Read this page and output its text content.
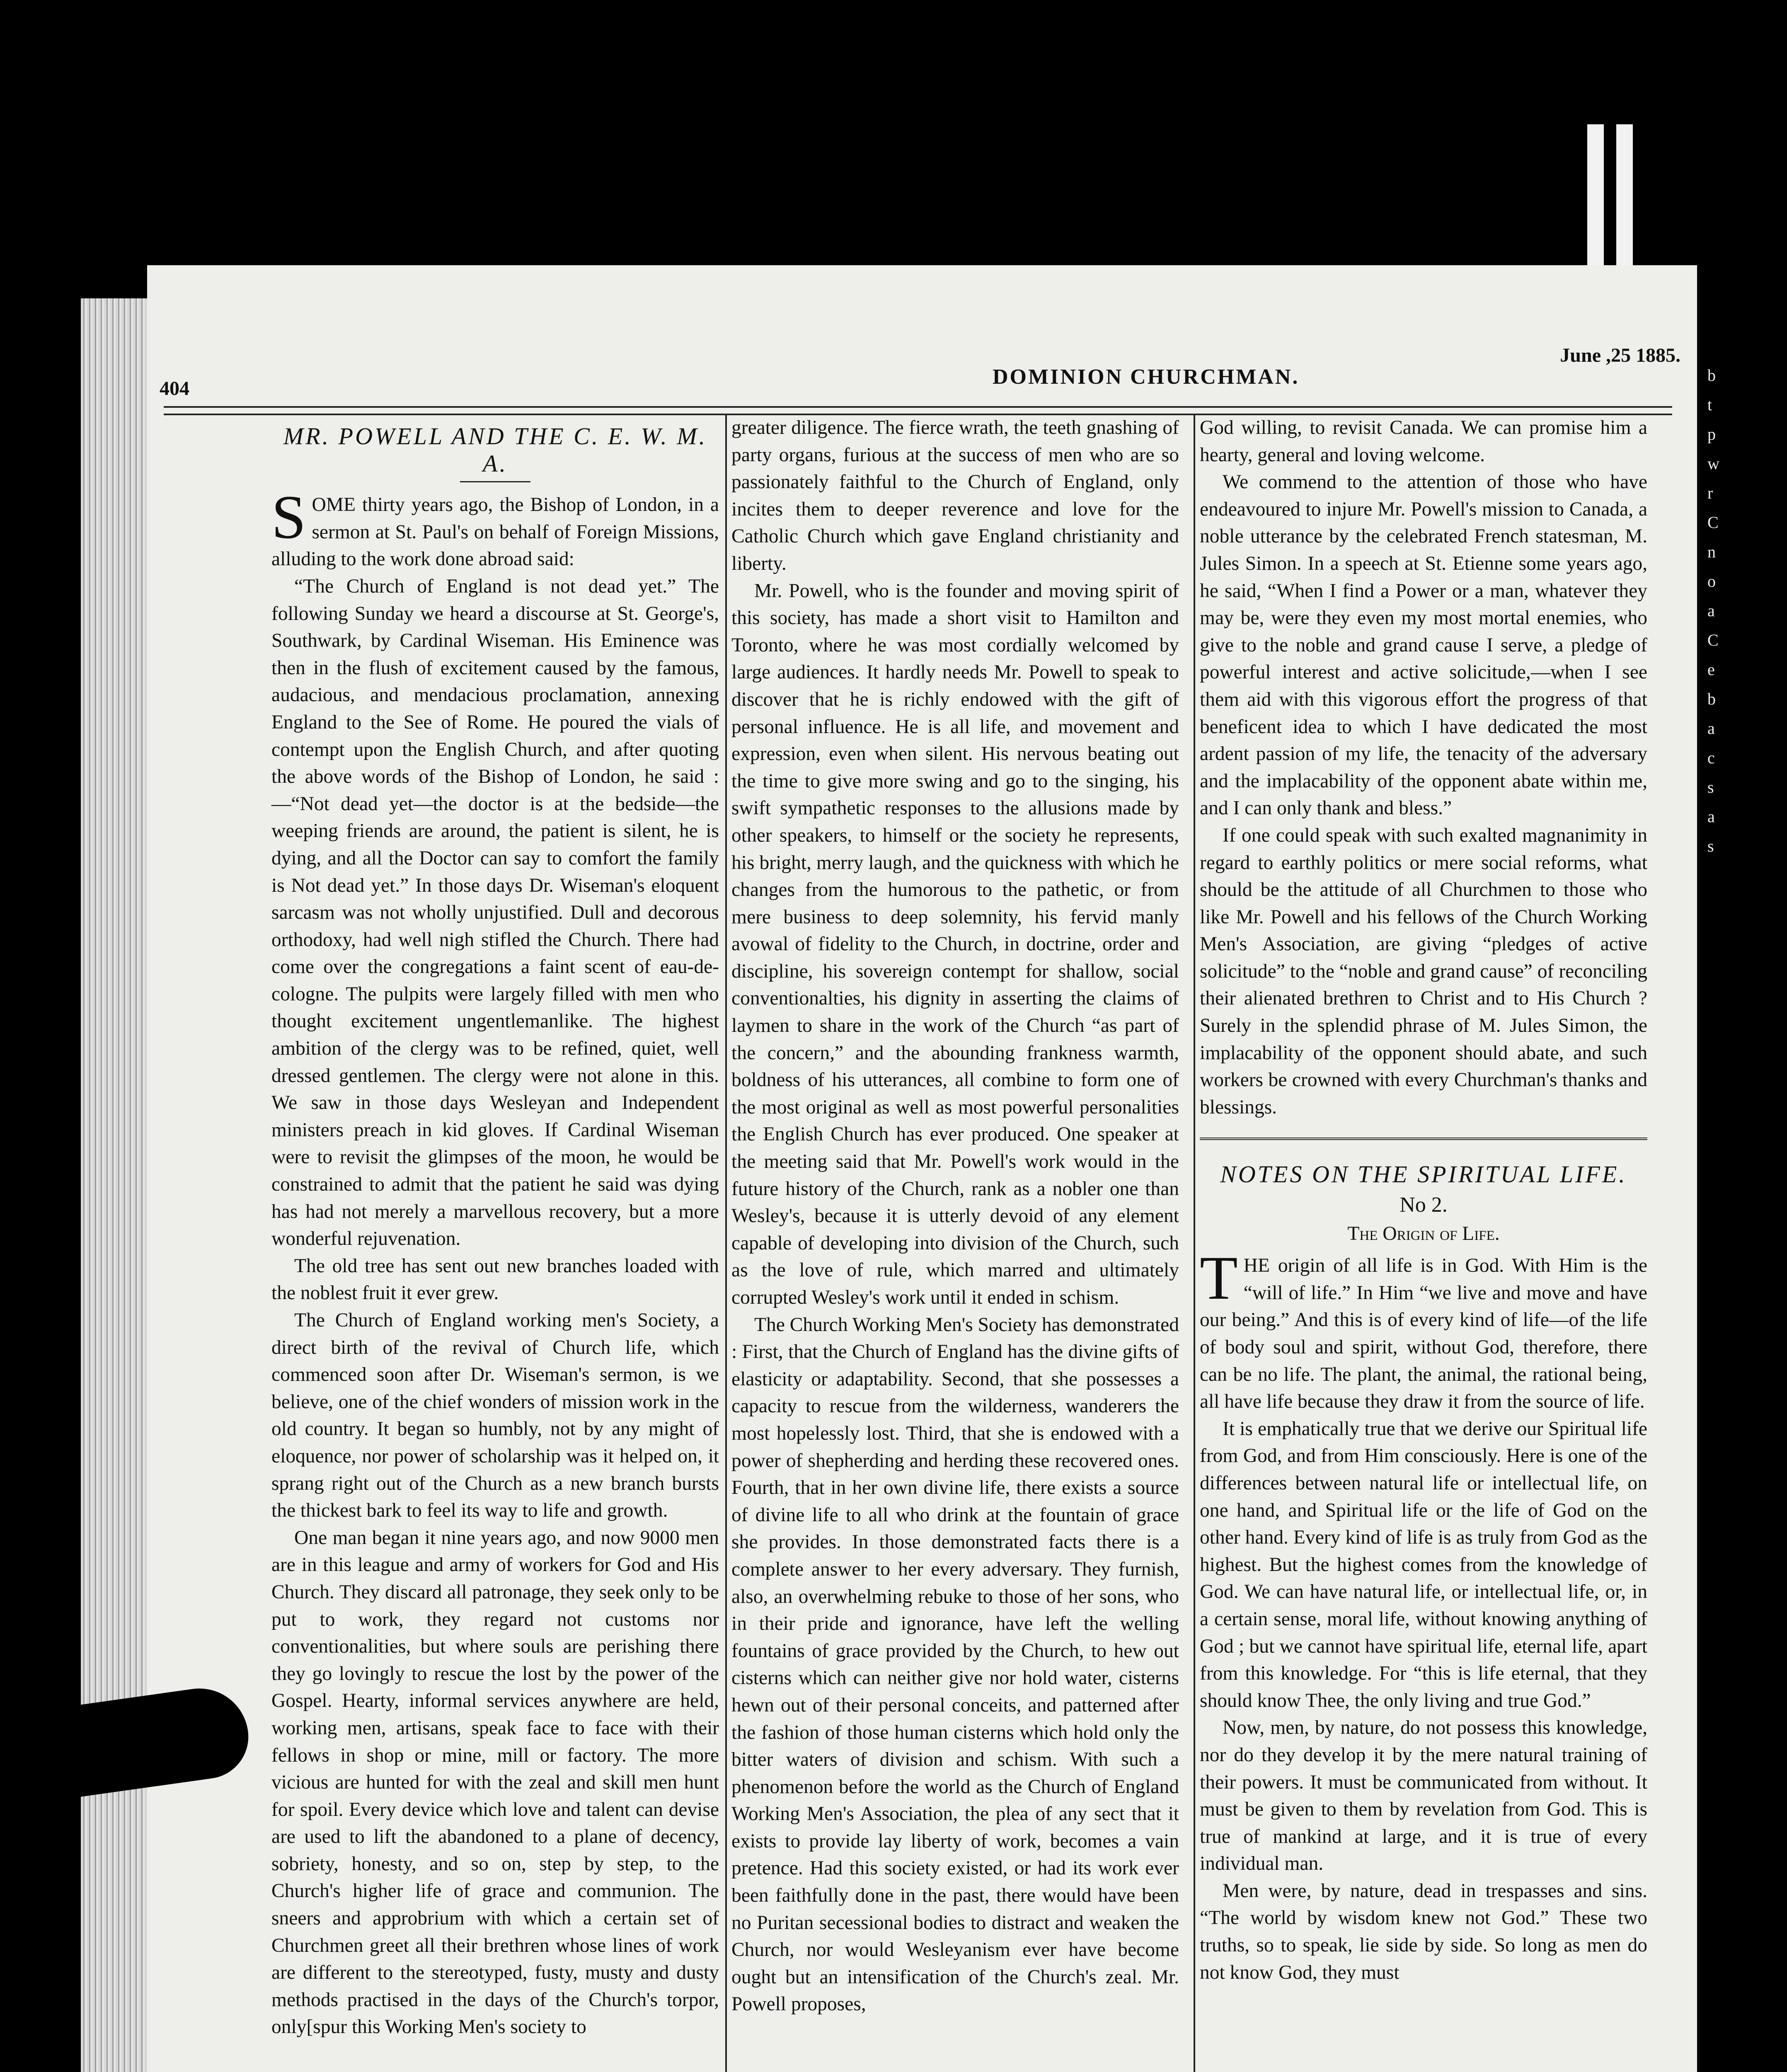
404	DOMINION CHURCHMAN.
June ,25 1885.
MR. POWELL AND THE C. E. W. M. A.

SOME thirty years ago, the Bishop of London, in a sermon at St. Paul's on behalf of Foreign Missions, alluding to the work done abroad said:

“The Church of England is not dead yet.” The following Sunday we heard a discourse at St. George's, Southwark, by Cardinal Wiseman. His Eminence was then in the flush of excitement caused by the famous, audacious, and mendacious proclamation, annexing England to the See of Rome. He poured the vials of contempt upon the English Church, and after quoting the above words of the Bishop of London, he said :—“Not dead yet—the doctor is at the bedside—the weeping friends are around, the patient is silent, he is dying, and all the Doctor can say to comfort the family is Not dead yet.” In those days Dr. Wiseman's eloquent sarcasm was not wholly unjustified. Dull and decorous orthodoxy, had well nigh stifled the Church. There had come over the congregations a faint scent of eau-de-cologne. The pulpits were largely filled with men who thought excitement ungentlemanlike. The highest ambition of the clergy was to be refined, quiet, well dressed gentlemen. The clergy were not alone in this. We saw in those days Wesleyan and Independent ministers preach in kid gloves. If Cardinal Wiseman were to revisit the glimpses of the moon, he would be constrained to admit that the patient he said was dying has had not merely a marvellous recovery, but a more wonderful rejuvenation.

The old tree has sent out new branches loaded with the noblest fruit it ever grew.

The Church of England working men's Society, a direct birth of the revival of Church life, which commenced soon after Dr. Wiseman's sermon, is we believe, one of the chief wonders of mission work in the old country. It began so humbly, not by any might of eloquence, nor power of scholarship was it helped on, it sprang right out of the Church as a new branch bursts the thickest bark to feel its way to life and growth.

One man began it nine years ago, and now 9000 men are in this league and army of workers for God and His Church. They discard all patronage, they seek only to be put to work, they regard not customs nor conventionalities, but where souls are perishing there they go lovingly to rescue the lost by the power of the Gospel. Hearty, informal services anywhere are held, working men, artisans, speak face to face with their fellows in shop or mine, mill or factory. The more vicious are hunted for with the zeal and skill men hunt for spoil. Every device which love and talent can devise are used to lift the abandoned to a plane of decency, sobriety, honesty, and so on, step by step, to the Church's higher life of grace and communion. The sneers and approbrium with which a certain set of Churchmen greet all their brethren whose lines of work are different to the stereotyped, fusty, musty and dusty methods practised in the days of the Church's torpor, only[spur this Working Men's society to

greater diligence. The fierce wrath, the teeth gnashing of party organs, furious at the success of men who are so passionately faithful to the Church of England, only incites them to deeper reverence and love for the Catholic Church which gave England christianity and liberty.

Mr. Powell, who is the founder and moving spirit of this society, has made a short visit to Hamilton and Toronto, where he was most cordially welcomed by large audiences. It hardly needs Mr. Powell to speak to discover that he is richly endowed with the gift of personal influence. He is all life, and movement and expression, even when silent. His nervous beating out the time to give more swing and go to the singing, his swift sympathetic responses to the allusions made by other speakers, to himself or the society he represents, his bright, merry laugh, and the quickness with which he changes from the humorous to the pathetic, or from mere business to deep solemnity, his fervid manly avowal of fidelity to the Church, in doctrine, order and discipline, his sovereign contempt for shallow, social conventionalties, his dignity in asserting the claims of laymen to share in the work of the Church “as part of the concern,” and the abounding frankness warmth, boldness of his utterances, all combine to form one of the most original as well as most powerful personalities the English Church has ever produced. One speaker at the meeting said that Mr. Powell's work would in the future history of the Church, rank as a nobler one than Wesley's, because it is utterly devoid of any element capable of developing into division of the Church, such as the love of rule, which marred and ultimately corrupted Wesley's work until it ended in schism.

The Church Working Men's Society has demonstrated : First, that the Church of England has the divine gifts of elasticity or adaptability. Second, that she possesses a capacity to rescue from the wilderness, wanderers the most hopelessly lost. Third, that she is endowed with a power of shepherding and herding these recovered ones. Fourth, that in her own divine life, there exists a source of divine life to all who drink at the fountain of grace she provides. In those demonstrated facts there is a complete answer to her every adversary. They furnish, also, an overwhelming rebuke to those of her sons, who in their pride and ignorance, have left the welling fountains of grace provided by the Church, to hew out cisterns which can neither give nor hold water, cisterns hewn out of their personal conceits, and patterned after the fashion of those human cisterns which hold only the bitter waters of division and schism. With such a phenomenon before the world as the Church of England Working Men's Association, the plea of any sect that it exists to provide lay liberty of work, becomes a vain pretence. Had this society existed, or had its work ever been faithfully done in the past, there would have been no Puritan secessional bodies to distract and weaken the Church, nor would Wesleyanism ever have become ought but an intensification of the Church's zeal. Mr. Powell proposes,

God willing, to revisit Canada. We can promise him a hearty, general and loving welcome.

We commend to the attention of those who have endeavoured to injure Mr. Powell's mission to Canada, a noble utterance by the celebrated French statesman, M. Jules Simon. In a speech at St. Etienne some years ago, he said, “When I find a Power or a man, whatever they may be, were they even my most mortal enemies, who give to the noble and grand cause I serve, a pledge of powerful interest and active solicitude,—when I see them aid with this vigorous effort the progress of that beneficent idea to which I have dedicated the most ardent passion of my life, the tenacity of the adversary and the implacability of the opponent abate within me, and I can only thank and bless.”

If one could speak with such exalted magnanimity in regard to earthly politics or mere social reforms, what should be the attitude of all Churchmen to those who like Mr. Powell and his fellows of the Church Working Men's Association, are giving “pledges of active solicitude” to the “noble and grand cause” of reconciling their alienated brethren to Christ and to His Church ? Surely in the splendid phrase of M. Jules Simon, the implacability of the opponent should abate, and such workers be crowned with every Churchman's thanks and blessings.

NOTES ON THE SPIRITUAL LIFE.

No 2.

The Origin of Life.

THE origin of all life is in God. With Him is the “will of life.” In Him “we live and move and have our being.” And this is of every kind of life—of the life of body soul and spirit, without God, therefore, there can be no life. The plant, the animal, the rational being, all have life because they draw it from the source of life.

It is emphatically true that we derive our Spiritual life from God, and from Him consciously. Here is one of the differences between natural life or intellectual life, on one hand, and Spiritual life or the life of God on the other hand. Every kind of life is as truly from God as the highest. But the highest comes from the knowledge of God. We can have natural life, or intellectual life, or, in a certain sense, moral life, without knowing anything of God ; but we cannot have spiritual life, eternal life, apart from this knowledge. For “this is life eternal, that they should know Thee, the only living and true God.”

Now, men, by nature, do not possess this knowledge, nor do they develop it by the mere natural training of their powers. It must be communicated from without. It must be given to them by revelation from God. This is true of mankind at large, and it is true of every individual man.

Men were, by nature, dead in trespasses and sins. “The world by wisdom knew not God.” These two truths, so to speak, lie side by side. So long as men do not know God, they must

b
t
p
w
r
C
n
o
a
C
e
b
a
c
s
a
s
